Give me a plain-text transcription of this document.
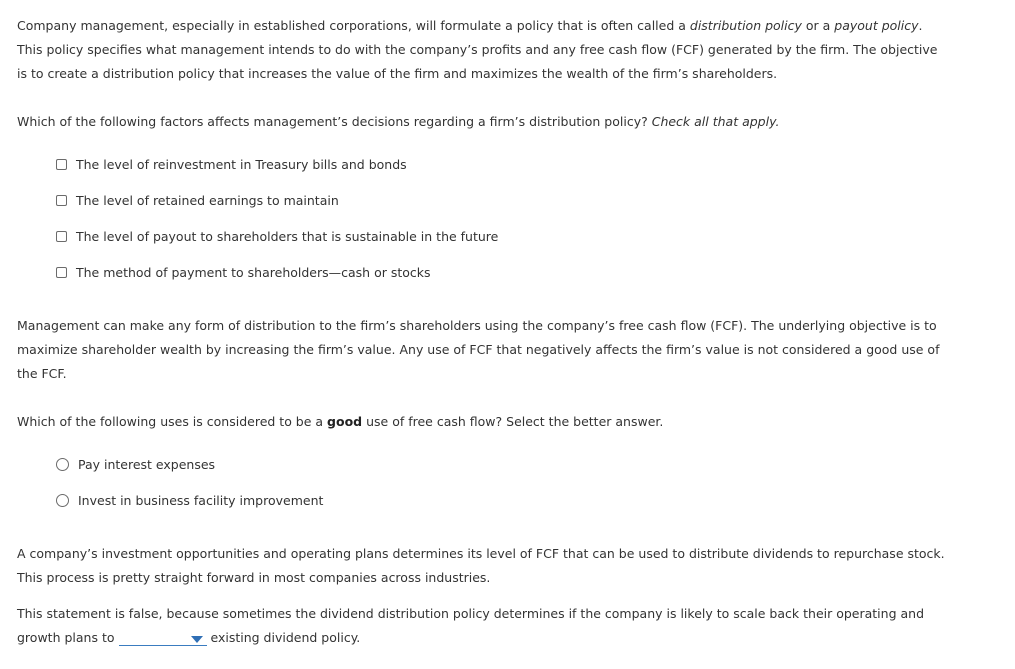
Company management, especially in established corporations, will formulate a policy that is often called a distribution policy or a payout policy. This policy specifies what management intends to do with the company’s profits and any free cash flow (FCF) generated by the firm. The objective is to create a distribution policy that increases the value of the firm and maximizes the wealth of the firm’s shareholders.

Which of the following factors affects management’s decisions regarding a firm’s distribution policy? Check all that apply.

The level of reinvestment in Treasury bills and bonds
The level of retained earnings to maintain
The level of payout to shareholders that is sustainable in the future
The method of payment to shareholders—cash or stocks

Management can make any form of distribution to the firm’s shareholders using the company’s free cash flow (FCF). The underlying objective is to maximize shareholder wealth by increasing the firm’s value. Any use of FCF that negatively affects the firm’s value is not considered a good use of the FCF.

Which of the following uses is considered to be a good use of free cash flow? Select the better answer.

Pay interest expenses
Invest in business facility improvement

A company’s investment opportunities and operating plans determines its level of FCF that can be used to distribute dividends to repurchase stock. This process is pretty straight forward in most companies across industries.

This statement is false, because sometimes the dividend distribution policy determines if the company is likely to scale back their operating and growth plans to	existing dividend policy.
